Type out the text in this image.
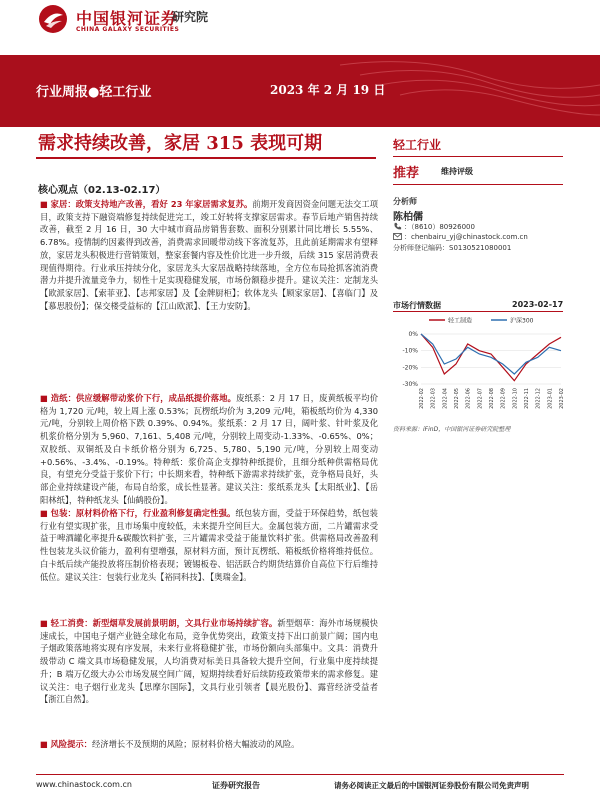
中国银河证券
CHINA GALAXY SECURITIES
研究院
行业周报●轻工行业	2023 年 2 月 19 日
需求持续改善，家居 315 表现可期
核心观点（02.13-02.17）
轻工行业
推荐	维持评级
分析师
陈柏儒
：（8610）80926000
：chenbairu_yj@chinastock.com.cn
分析师登记编码：S0130521080001
市场行情数据	2023-02-17
轻工制造	沪深300
0%
-10%
-20%
-30%
2022-02 2022-03 2022-04 2022-05 2022-06 2022-07 2022-08 2022-09 2022-10 2022-11 2022-12 2023-01 2023-02
资料来源：iFinD，中国银河证券研究院整理
■ 家居：政策支持地产改善，看好 23 年家居需求复苏。前期开发商因资金问题无法交工项目，政策支持下融资端修复持续促进完工，竣工好转将支撑家居需求。春节后地产销售持续改善，截至 2 月 16 日，30 大中城市商品房销售套数、面积分别累计同比增长 5.55%、6.78%。疫情制约因素得到改善，消费需求回暖带动线下客流复苏，且此前延期需求有望释放，家居龙头积极进行营销策划，整家套餐内容及性价比进一步升级，后续 315 家居消费表现值得期待。行业承压持续分化，家居龙头大家居战略持续落地，全方位布局抢抓客流消费潜力并提升流量竞争力，韧性十足实现稳健发展，市场份额稳步提升。建议关注：定制龙头【欧派家居】、【索菲亚】、【志邦家居】及【金牌厨柜】；软体龙头【顾家家居】、【喜临门】及【慕思股份】；保交楼受益标的【江山欧派】、【王力安防】。
■ 造纸：供应缓解带动浆价下行，成品纸提价落地。废纸系：2 月 17 日，废黄纸板平均价格为 1,720 元/吨，较上周上涨 0.53%；瓦楞纸均价为 3,209 元/吨，箱板纸均价为 4,330 元/吨，分别较上周价格下跌 0.39%、0.94%。浆纸系：2 月 17 日，阔叶浆、针叶浆及化机浆价格分别为 5,960、7,161、5,408 元/吨，分别较上周变动-1.33%、-0.65%、0%；双胶纸、双铜纸及白卡纸价格分别为 6,725、5,780、5,190 元/吨，分别较上周变动+0.56%、-3.4%、-0.19%。特种纸：浆价高企支撑特种纸提价，且细分纸种供需格局优良，有望充分受益于浆价下行；中长期来看，特种纸下游需求持续扩张，竞争格局良好，头部企业持续建设产能，布局自给浆，成长性显著。建议关注：浆纸系龙头【太阳纸业】、【岳阳林纸】，特种纸龙头【仙鹤股份】。
■ 包装：原材料价格下行，行业盈利修复确定性强。纸包装方面，受益于环保趋势，纸包装行业有望实现扩张，且市场集中度较低，未来提升空间巨大。金属包装方面，二片罐需求受益于啤酒罐化率提升&碳酸饮料扩张，三片罐需求受益于能量饮料扩张。供需格局改善盈利性包装龙头议价能力，盈利有望增强，原材料方面，预计瓦楞纸、箱板纸价格将维持低位。白卡纸后续产能投放将压制价格表现；镀锡板卷、铝活跃合约期货结算价自高位下行后维持低位。建议关注：包装行业龙头【裕同科技】、【奥瑞金】。
■ 轻工消费：新型烟草发展前景明朗，文具行业市场持续扩容。新型烟草：海外市场规模快速成长，中国电子烟产业链全球化布局，竞争优势突出，政策支持下出口前景广阔；国内电子烟政策落地将实现有序发展，未来行业将稳健扩张，市场份额向头部集中。文具：消费升级带动 C 端文具市场稳健发展，人均消费对标美日具备较大提升空间，行业集中度持续提升；B 端万亿级大办公市场发展空间广阔，短期持续看好后续防疫政策带来的需求修复。建议关注：电子烟行业龙头【思摩尔国际】，文具行业引领者【晨光股份】、露营经济受益者【浙江自然】。
■ 风险提示：经济增长不及预期的风险；原材料价格大幅波动的风险。
www.chinastock.com.cn	证券研究报告	请务必阅读正文最后的中国银河证券股份有限公司免责声明
